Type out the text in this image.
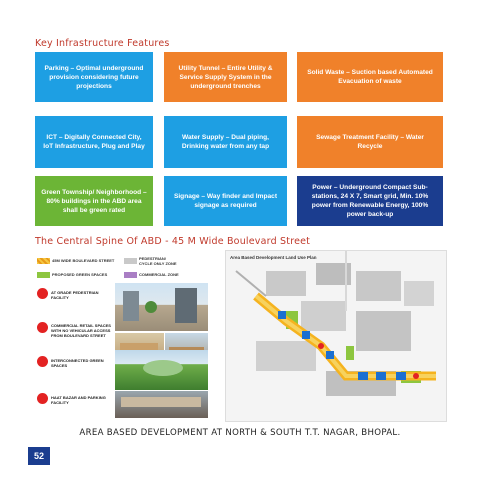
Key Infrastructure Features
Parking – Optimal underground provision considering future projections
Utility Tunnel – Entire Utility & Service Supply System in the underground trenches
Solid Waste – Suction based Automated Evacuation of waste
ICT – Digitally Connected City, IoT Infrastructure, Plug and Play
Water Supply – Dual piping, Drinking water from any tap
Sewage Treatment Facility – Water Recycle
Green Township/ Neighborhood – 80% buildings in the ABD area shall be green rated
Signage – Way finder and Impact signage as required
Power – Underground Compact Sub-stations, 24 X 7, Smart grid, Min. 10% power from Renewable Energy, 100% power back-up
The Central Spine Of ABD - 45 M Wide Boulevard Street
45M WIDE BOULEVARD STREET
PROPOSED GREEN SPACES
PEDESTRIAN/ CYCLE ONLY ZONE
COMMERCIAL ZONE
AT GRADE PEDESTRIAN FACILITY
COMMERCIAL RETAIL SPACES WITH NO VEHICULAR ACCESS FROM BOULEVARD STREET
INTERCONNECTED GREEN SPACES
HAAT BAZAR AND PARKING FACILITY
Area Based Development Land Use Plan
AREA BASED DEVELOPMENT AT NORTH & SOUTH T.T. NAGAR, BHOPAL.
52
